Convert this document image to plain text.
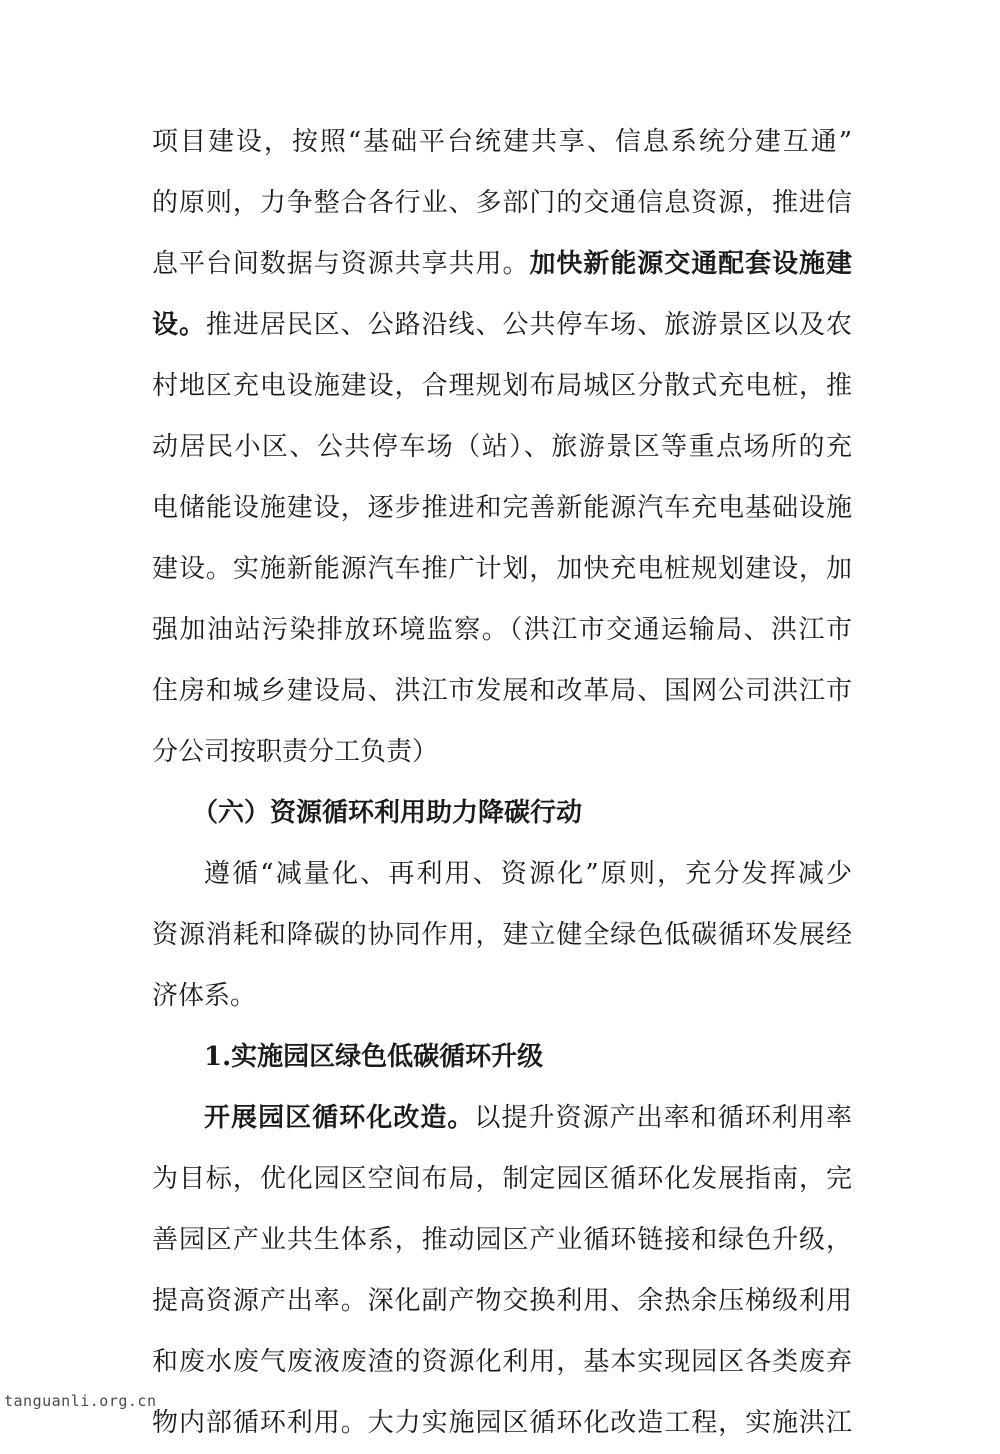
项目建设，按照“基础平台统建共享、信息系统分建互通”
的原则，力争整合各行业、多部门的交通信息资源，推进信
息平台间数据与资源共享共用。加快新能源交通配套设施建
设。推进居民区、公路沿线、公共停车场、旅游景区以及农
村地区充电设施建设，合理规划布局城区分散式充电桩，推
动居民小区、公共停车场（站）、旅游景区等重点场所的充
电储能设施建设，逐步推进和完善新能源汽车充电基础设施
建设。实施新能源汽车推广计划，加快充电桩规划建设，加
强加油站污染排放环境监察。（洪江市交通运输局、洪江市
住房和城乡建设局、洪江市发展和改革局、国网公司洪江市
分公司按职责分工负责）
（六）资源循环利用助力降碳行动
遵循“减量化、再利用、资源化”原则，充分发挥减少
资源消耗和降碳的协同作用，建立健全绿色低碳循环发展经
济体系。
1.实施园区绿色低碳循环升级
开展园区循环化改造。以提升资源产出率和循环利用率
为目标，优化园区空间布局，制定园区循环化发展指南，完
善园区产业共生体系，推动园区产业循环链接和绿色升级，
提高资源产出率。深化副产物交换利用、余热余压梯级利用
和废水废气废液废渣的资源化利用，基本实现园区各类废弃
物内部循环利用。大力实施园区循环化改造工程，实施洪江
tanguanli.org.cn
